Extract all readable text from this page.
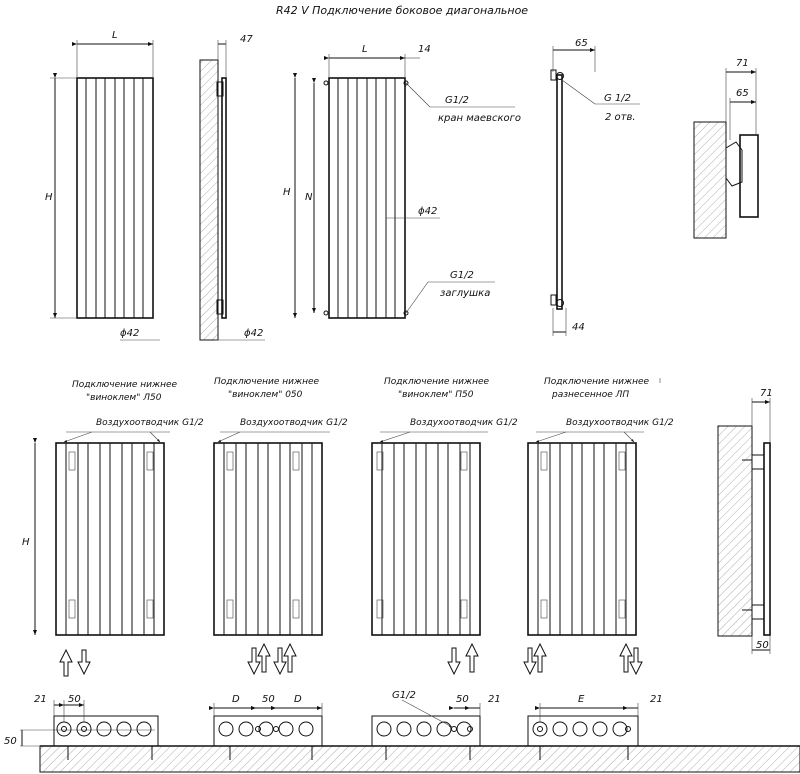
R42 V Подключение боковое диагональное
L
H
ϕ42
47
ϕ42
L	14
H N
ϕ42
G1/2
кран маевского
G1/2
заглушка
65
G 1/2
2 отв.
44
71
65
Подключение нижнее
"виноклем" Л50
Воздухоотводчик G1/2
H
Подключение нижнее
"виноклем" 050
Воздухоотводчик G1/2
Подключение нижнее
"виноклем" П50
Воздухоотводчик G1/2
Подключение нижнее
разнесенное ЛП
Воздухоотводчик G1/2
71
50
50
21 50	D 50 D	G1/2	50 21	E	21
